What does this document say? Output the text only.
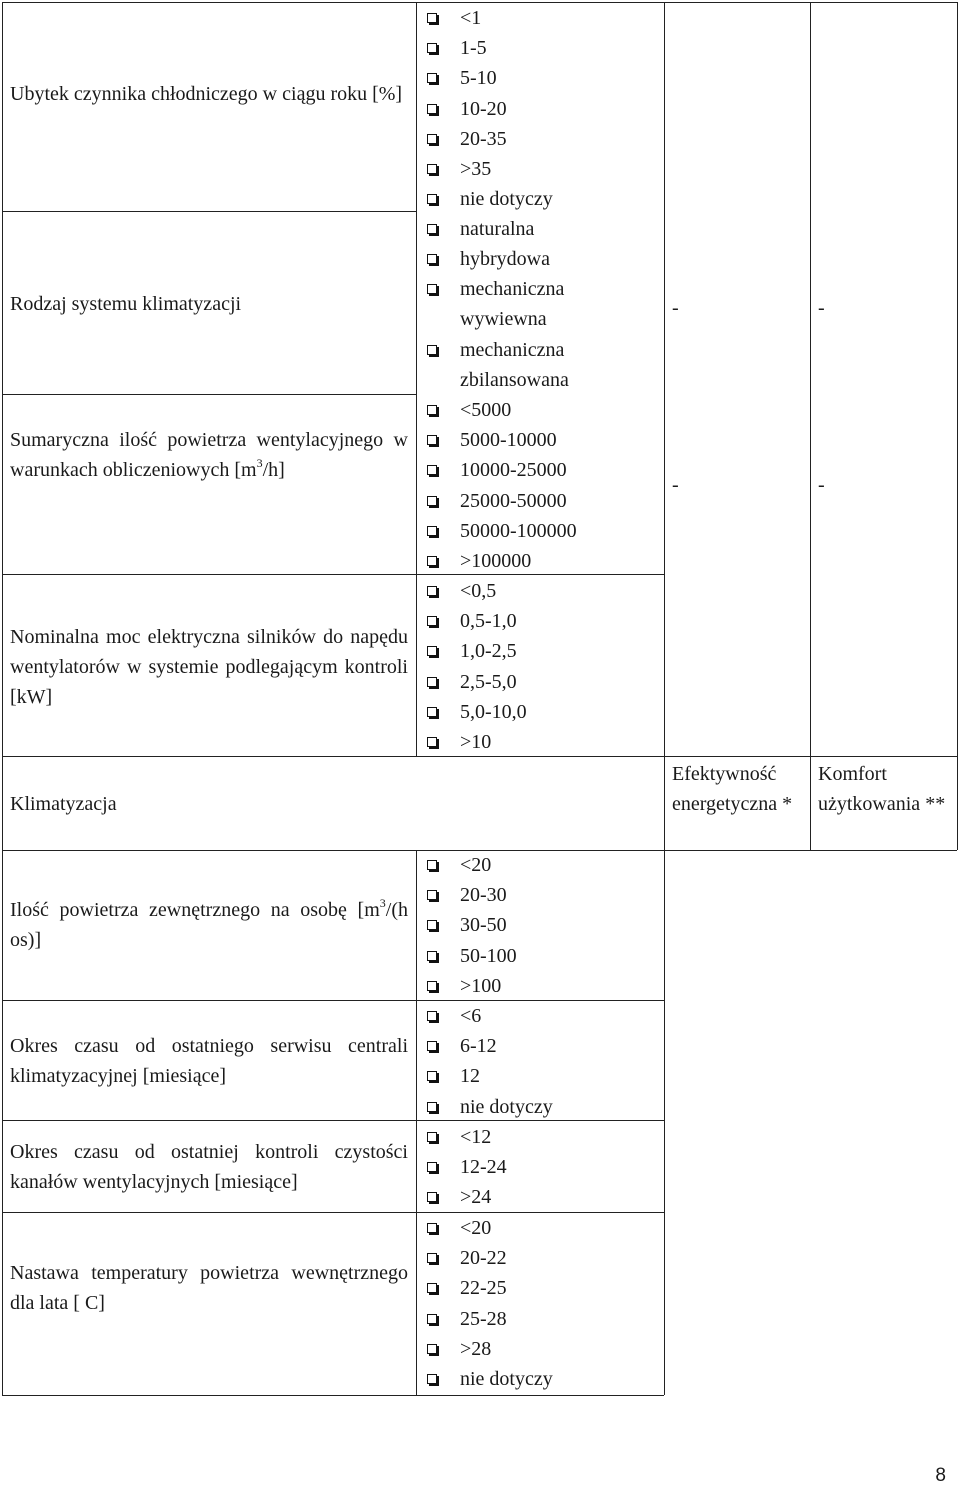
Ubytek czynnika chłodniczego w ciągu roku [%]
<1
1-5
5-10
10-20
20-35
>35
nie dotyczy
Rodzaj systemu klimatyzacji
naturalna
hybrydowa
mechaniczna wywiewna
mechaniczna zbilansowana
-	-
Sumaryczna ilość powietrza wentylacyjnego w warunkach obliczeniowych $[m^3/h]$
<5000
5000-10000
10000-25000
25000-50000
50000-100000
>100000
-	-
Nominalna moc elektryczna silników do napędu wentylatorów w systemie podlegającym kontroli [kW]
<0,5
0,5-1,0
1,0-2,5
2,5-5,0
5,0-10,0
>10
Klimatyzacja
Efektywność energetyczna *
Komfort użytkowania **
Ilość powietrza zewnętrznego na osobę [$m^3/(h$ os)]
<20
20-30
30-50
50-100
>100
Okres czasu od ostatniego serwisu centrali klimatyzacyjnej [miesiące]
<6
6-12
12
nie dotyczy
Okres czasu od ostatniej kontroli czystości kanałów wentylacyjnych [miesiące]
<12
12-24
>24
Nastawa temperatury powietrza wewnętrznego dla lata [ C]
<20
20-22
22-25
25-28
>28
nie dotyczy
8
